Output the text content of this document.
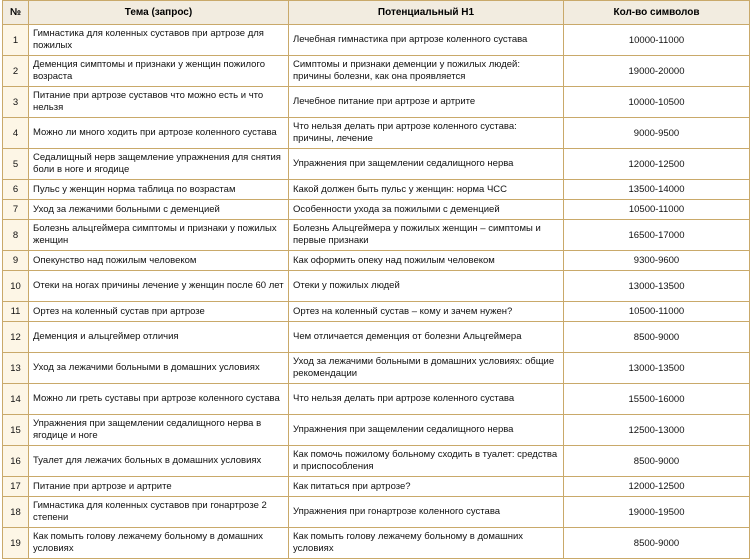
№	Тема (запрос)	Потенциальный Н1	Кол-во символов
1	Гимнастика для коленных суставов при артрозе для пожилых	Лечебная гимнастика при артрозе коленного сустава	10000-11000
2	Деменция симптомы и признаки у женщин пожилого возраста	Симптомы и признаки деменции у пожилых людей: причины болезни, как она проявляется	19000-20000
3	Питание при артрозе суставов что можно есть и что нельзя	Лечебное питание при артрозе и артрите	10000-10500
4	Можно ли много ходить при артрозе коленного сустава	Что нельзя делать при артрозе коленного сустава: причины, лечение	9000-9500
5	Седалищный нерв защемление упражнения для снятия боли в ноге и ягодице	Упражнения при защемлении седалищного нерва	12000-12500
6	Пульс у женщин норма таблица по возрастам	Какой должен быть пульс у женщин: норма ЧСС	13500-14000
7	Уход за лежачими больными с деменцией	Особенности ухода за пожилыми с деменцией	10500-11000
8	Болезнь альцгеймера симптомы и признаки у пожилых женщин	Болезнь Альцгеймера у пожилых женщин – симптомы и первые признаки	16500-17000
9	Опекунство над пожилым человеком	Как оформить опеку над пожилым человеком	9300-9600
10	Отеки на ногах причины лечение у женщин после 60 лет	Отеки у пожилых людей	13000-13500
11	Ортез на коленный сустав при артрозе	Ортез на коленный сустав – кому и зачем нужен?	10500-11000
12	Деменция и альцгеймер отличия	Чем отличается деменция от болезни Альцгеймера	8500-9000
13	Уход за лежачими больными в домашних условиях	Уход за лежачими больными в домашних условиях: общие рекомендации	13000-13500
14	Можно ли греть суставы при артрозе коленного сустава	Что нельзя делать при артрозе коленного сустава	15500-16000
15	Упражнения при защемлении седалищного нерва в ягодице и ноге	Упражнения при защемлении седалищного нерва	12500-13000
16	Туалет для лежачих больных в домашних условиях	Как помочь пожилому больному сходить в туалет: средства и приспособления	8500-9000
17	Питание при артрозе и артрите	Как питаться при артрозе?	12000-12500
18	Гимнастика для коленных суставов при гонартрозе 2 степени	Упражнения при гонартрозе коленного сустава	19000-19500
19	Как помыть голову лежачему больному в домашних условиях	Как помыть голову лежачему больному в домашних условиях	8500-9000
